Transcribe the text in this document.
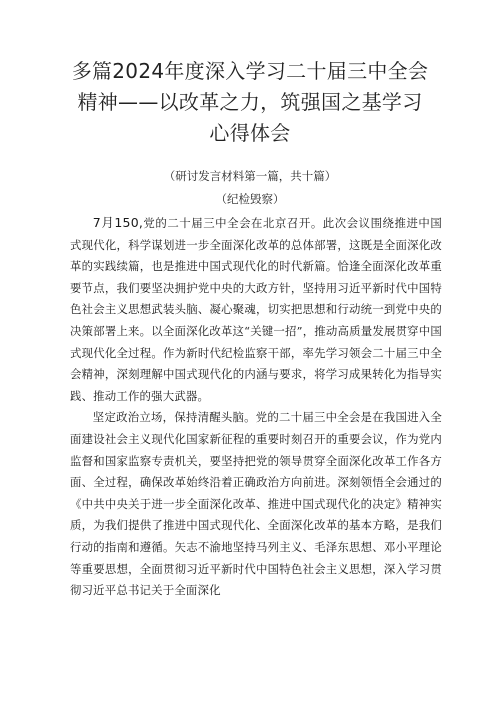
多篇2024年度深入学习二十届三中全会精神——以改革之力，筑强国之基学习心得体会
（研讨发言材料第一篇，共十篇）
（纪检毁察）

7月150,党的二十届三中全会在北京召开。此次会议围绕推进中国式现代化，科学谋划进一步全面深化改革的总体部署，这既是全面深化改革的实践续篇，也是推进中国式现代化的时代新篇。恰逢全面深化改革重要节点，我们要坚决拥护党中央的大政方针，坚持用习近平新时代中国特色社会主义思想武装头脑、凝心聚魂，切实把思想和行动统一到党中央的决策部署上来。以全面深化改革这“关键一招”，推动高质量发展贯穿中国式现代化全过程。作为新时代纪检监察干部，率先学习领会二十届三中全会精神，深刻理解中国式现代化的内涵与要求，将学习成果转化为指导实践、推动工作的强大武器。

坚定政治立场，保持清醒头脑。党的二十届三中全会是在我国进入全面建设社会主义现代化国家新征程的重要时刻召开的重要会议，作为党内监督和国家监察专责机关，要坚持把党的领导贯穿全面深化改革工作各方面、全过程，确保改革始终沿着正确政治方向前进。深刻领悟全会通过的《中共中央关于进一步全面深化改革、推进中国式现代化的决定》精神实质，为我们提供了推进中国式现代化、全面深化改革的基本方略，是我们行动的指南和遵循。矢志不渝地坚持马列主义、毛泽东思想、邓小平理论等重要思想，全面贯彻习近平新时代中国特色社会主义思想，深入学习贯彻习近平总书记关于全面深化
